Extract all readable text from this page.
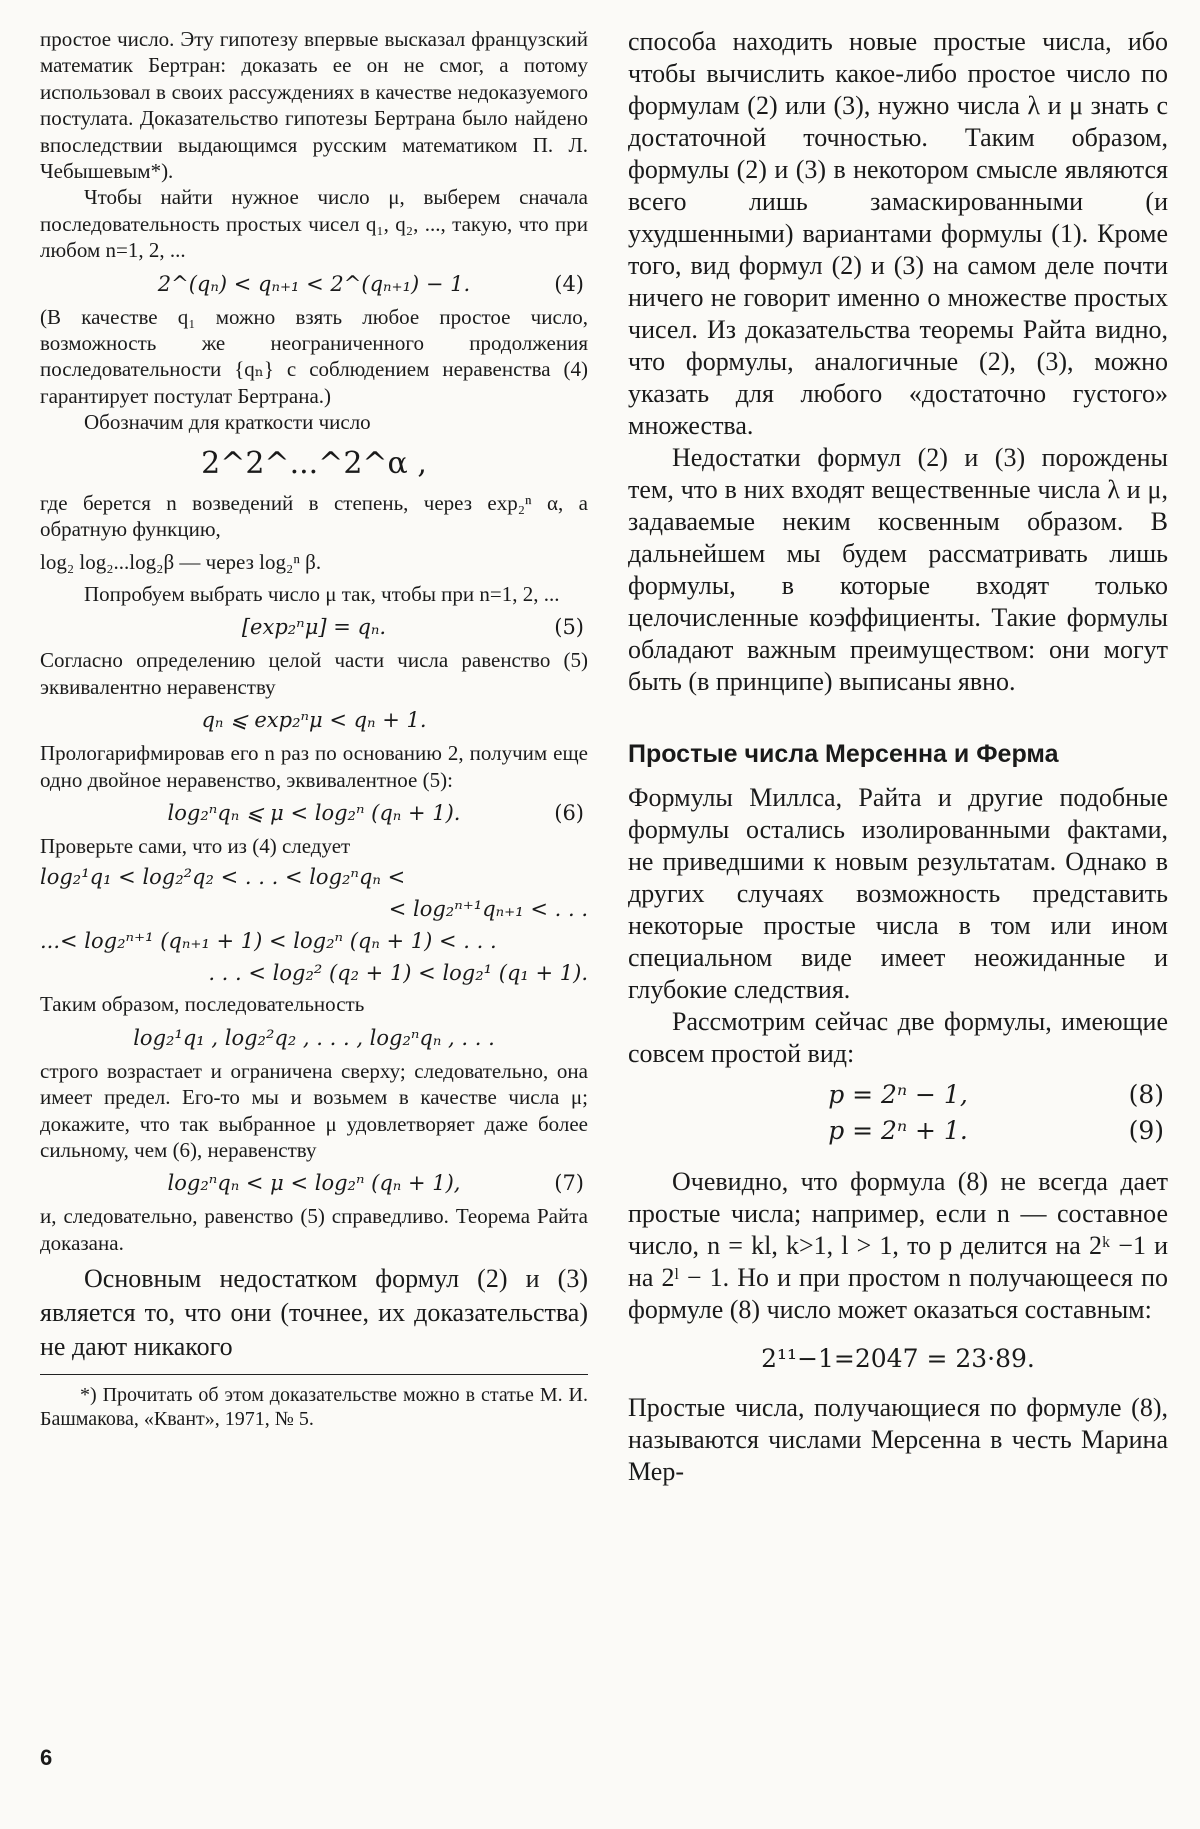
простое число. Эту гипотезу впервые высказал французский математик Бертран: доказать ее он не смог, а потому использовал в своих рассуждениях в качестве недоказуемого постулата. Доказательство гипотезы Бертрана было найдено впоследствии выдающимся русским математиком П. Л. Чебышевым*).

Чтобы найти нужное число μ, выберем сначала последовательность простых чисел q₁, q₂, ..., такую, что при любом n=1, 2, ...

2^(qₙ) < qₙ₊₁ < 2^(qₙ₊₁) − 1.	(4)

(В качестве q₁ можно взять любое простое число, возможность же неограниченного продолжения последовательности {qₙ} с соблюдением неравенства (4) гарантирует постулат Бертрана.)

Обозначим для краткости число

2^2^...^2^α ,

где берется n возведений в степень, через exp₂ⁿ α, а обратную функцию,

log₂ log₂...log₂β — через log₂ⁿ β.

Попробуем выбрать число μ так, чтобы при n=1, 2, ...

[exp₂ⁿμ] = qₙ.	(5)

Согласно определению целой части числа равенство (5) эквивалентно неравенству

qₙ ⩽ exp₂ⁿμ < qₙ + 1.

Прологарифмировав его n раз по основанию 2, получим еще одно двойное неравенство, эквивалентное (5):

log₂ⁿqₙ ⩽ μ < log₂ⁿ (qₙ + 1).	(6)

Проверьте сами, что из (4) следует

log₂¹q₁ < log₂²q₂ < . . . < log₂ⁿqₙ <
< log₂ⁿ⁺¹qₙ₊₁ < . . .
...< log₂ⁿ⁺¹ (qₙ₊₁ + 1) < log₂ⁿ (qₙ + 1) < . . .
. . . < log₂² (q₂ + 1) < log₂¹ (q₁ + 1).

Таким образом, последовательность

log₂¹q₁ , log₂²q₂ , . . . , log₂ⁿqₙ , . . .

строго возрастает и ограничена сверху; следовательно, она имеет предел. Его-то мы и возьмем в качестве числа μ; докажите, что так выбранное μ удовлетворяет даже более сильному, чем (6), неравенству

log₂ⁿqₙ < μ < log₂ⁿ (qₙ + 1),	(7)

и, следовательно, равенство (5) справедливо. Теорема Райта доказана.

Основным недостатком формул (2) и (3) является то, что они (точнее, их доказательства) не дают никакого

*) Прочитать об этом доказательстве можно в статье М. И. Башмакова, «Квант», 1971, № 5.

способа находить новые простые числа, ибо чтобы вычислить какое-либо простое число по формулам (2) или (3), нужно числа λ и μ знать с достаточной точностью. Таким образом, формулы (2) и (3) в некотором смысле являются всего лишь замаскированными (и ухудшенными) вариантами формулы (1). Кроме того, вид формул (2) и (3) на самом деле почти ничего не говорит именно о множестве простых чисел. Из доказательства теоремы Райта видно, что формулы, аналогичные (2), (3), можно указать для любого «достаточно густого» множества.

Недостатки формул (2) и (3) порождены тем, что в них входят вещественные числа λ и μ, задаваемые неким косвенным образом. В дальнейшем мы будем рассматривать лишь формулы, в которые входят только целочисленные коэффициенты. Такие формулы обладают важным преимуществом: они могут быть (в принципе) выписаны явно.

Простые числа Мерсенна и Ферма

Формулы Миллса, Райта и другие подобные формулы остались изолированными фактами, не приведшими к новым результатам. Однако в других случаях возможность представить некоторые простые числа в том или ином специальном виде имеет неожиданные и глубокие следствия.

Рассмотрим сейчас две формулы, имеющие совсем простой вид:

p = 2ⁿ − 1,	(8)
p = 2ⁿ + 1.	(9)

Очевидно, что формула (8) не всегда дает простые числа; например, если n — составное число, n = kl, k>1, l > 1, то p делится на 2ᵏ −1 и на 2ˡ − 1. Но и при простом n получающееся по формуле (8) число может оказаться составным:

2¹¹−1=2047 = 23·89.

Простые числа, получающиеся по формуле (8), называются числами Мерсенна в честь Марина Мер-

6
